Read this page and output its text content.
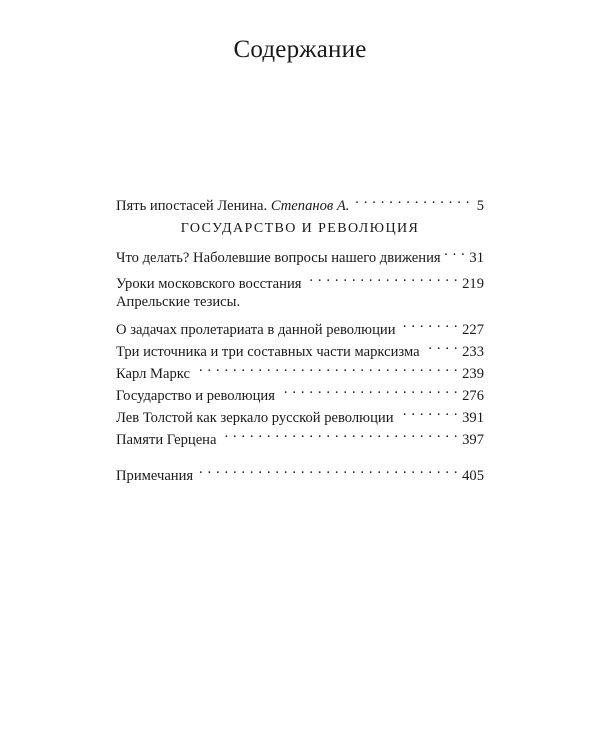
Содержание
Пять ипостасей Ленина. Степанов А. . . .	5
ГОСУДАРСТВО И РЕВОЛЮЦИЯ
Что делать? Наболевшие вопросы нашего движения . . . 31
Уроки московского восстания . . .	219
Апрельские тезисы.
О задачах пролетариата в данной революции . . .	227
Три источника и три составных части марксизма . . .	233
Карл Маркс . . .	239
Государство и революция . . .	276
Лев Толстой как зеркало русской революции . . .	391
Памяти Герцена . . .	397
Примечания . . .	405
